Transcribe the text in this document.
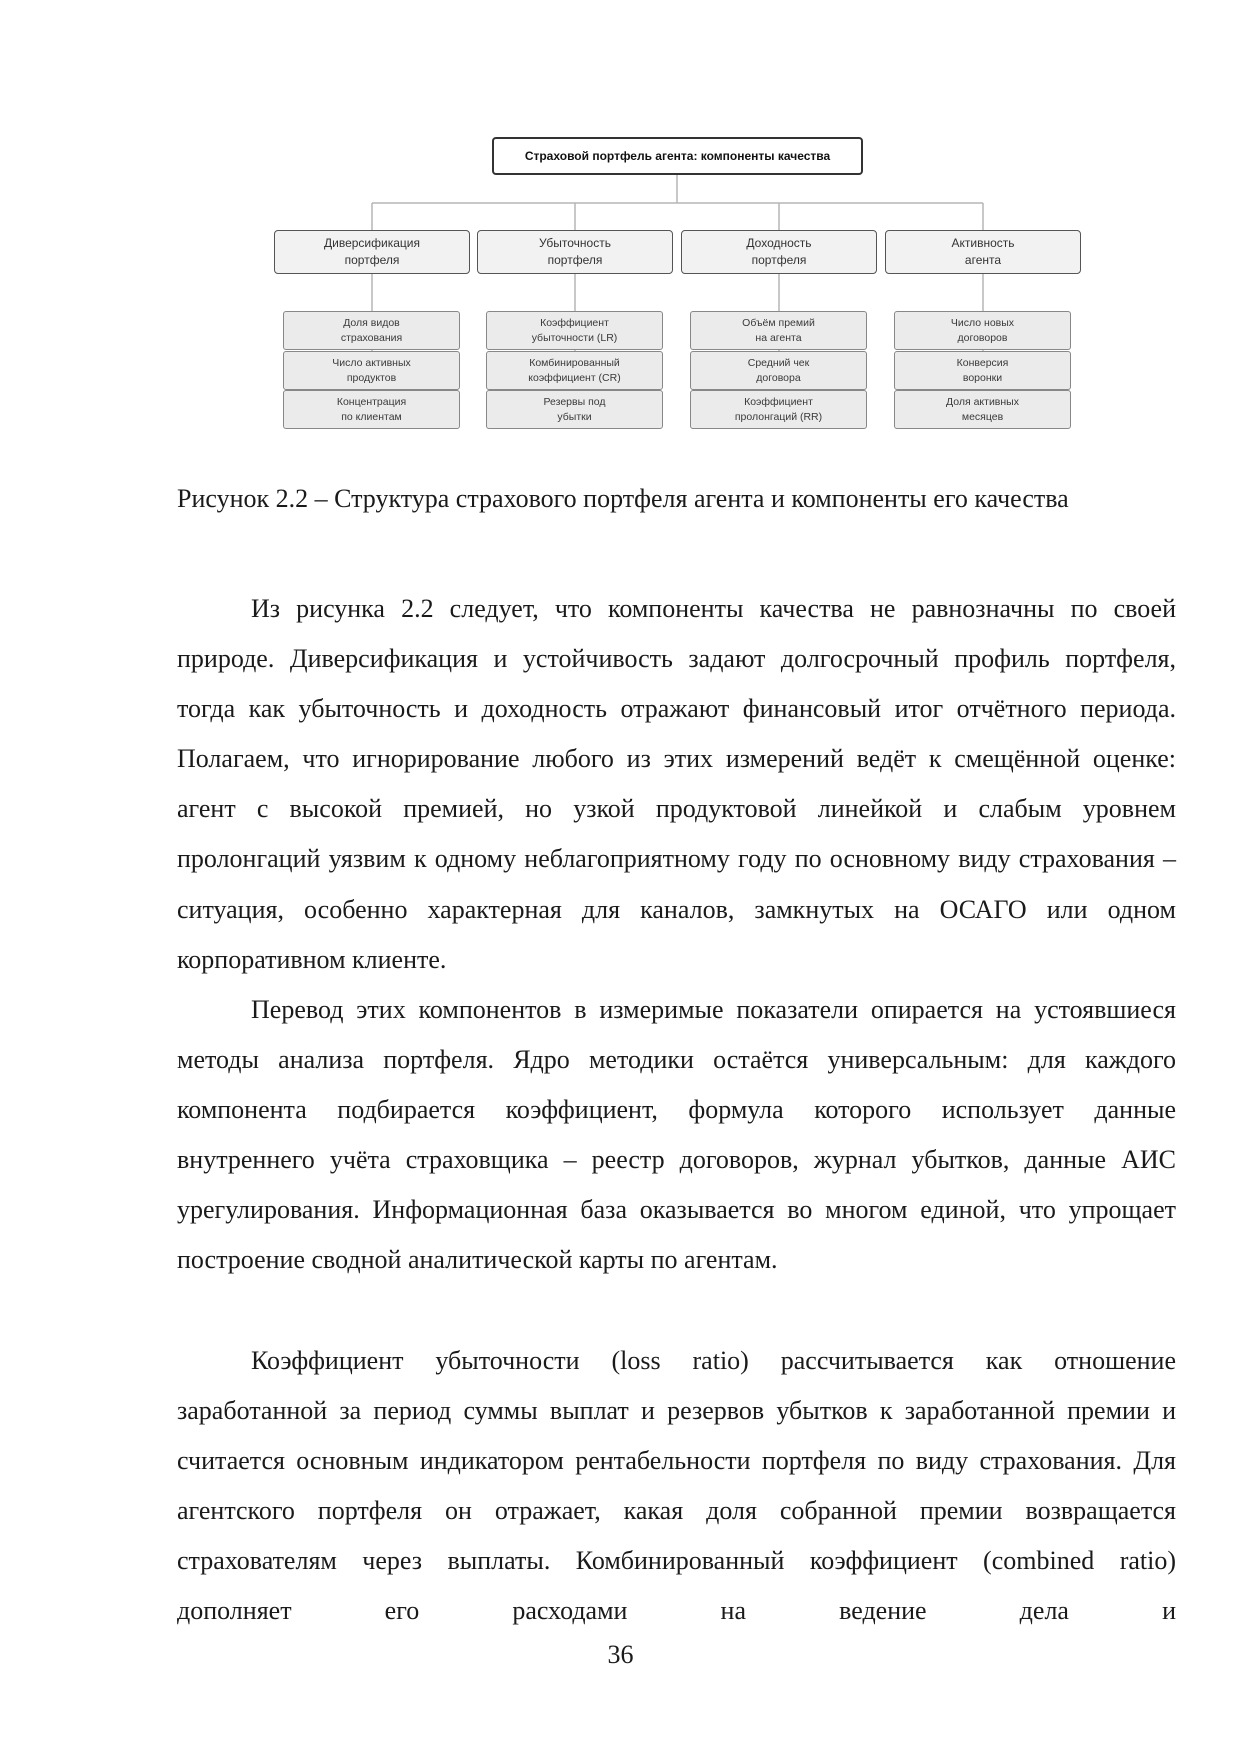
Страховой портфель агента: компоненты качества
Диверсификация
портфеля
Убыточность
портфеля
Доходность
портфеля
Активность
агента
Доля видов
страхования
Число активных
продуктов
Концентрация
по клиентам
Коэффициент
убыточности (LR)
Комбинированный
коэффициент (CR)
Резервы под
убытки
Объём премий
на агента
Средний чек
договора
Коэффициент
пролонгаций (RR)
Число новых
договоров
Конверсия
воронки
Доля активных
месяцев

Рисунок 2.2 – Структура страхового портфеля агента и компоненты его качества

Из рисунка 2.2 следует, что компоненты качества не равнозначны по своей природе. Диверсификация и устойчивость задают долгосрочный профиль портфеля, тогда как убыточность и доходность отражают финансовый итог отчётного периода. Полагаем, что игнорирование любого из этих измерений ведёт к смещённой оценке: агент с высокой премией, но узкой продуктовой линейкой и слабым уровнем пролонгаций уязвим к одному неблагоприятному году по основному виду страхования – ситуация, особенно характерная для каналов, замкнутых на ОСАГО или одном корпоративном клиенте.

Перевод этих компонентов в измеримые показатели опирается на устоявшиеся методы анализа портфеля. Ядро методики остаётся универсальным: для каждого компонента подбирается коэффициент, формула которого использует данные внутреннего учёта страховщика – реестр договоров, журнал убытков, данные АИС урегулирования. Информационная база оказывается во многом единой, что упрощает построение сводной аналитической карты по агентам.

Коэффициент убыточности (loss ratio) рассчитывается как отношение заработанной за период суммы выплат и резервов убытков к заработанной премии и считается основным индикатором рентабельности портфеля по виду страхования. Для агентского портфеля он отражает, какая доля собранной премии возвращается страхователям через выплаты. Комбинированный коэффициент (combined ratio) дополняет его расходами на ведение дела и

36
